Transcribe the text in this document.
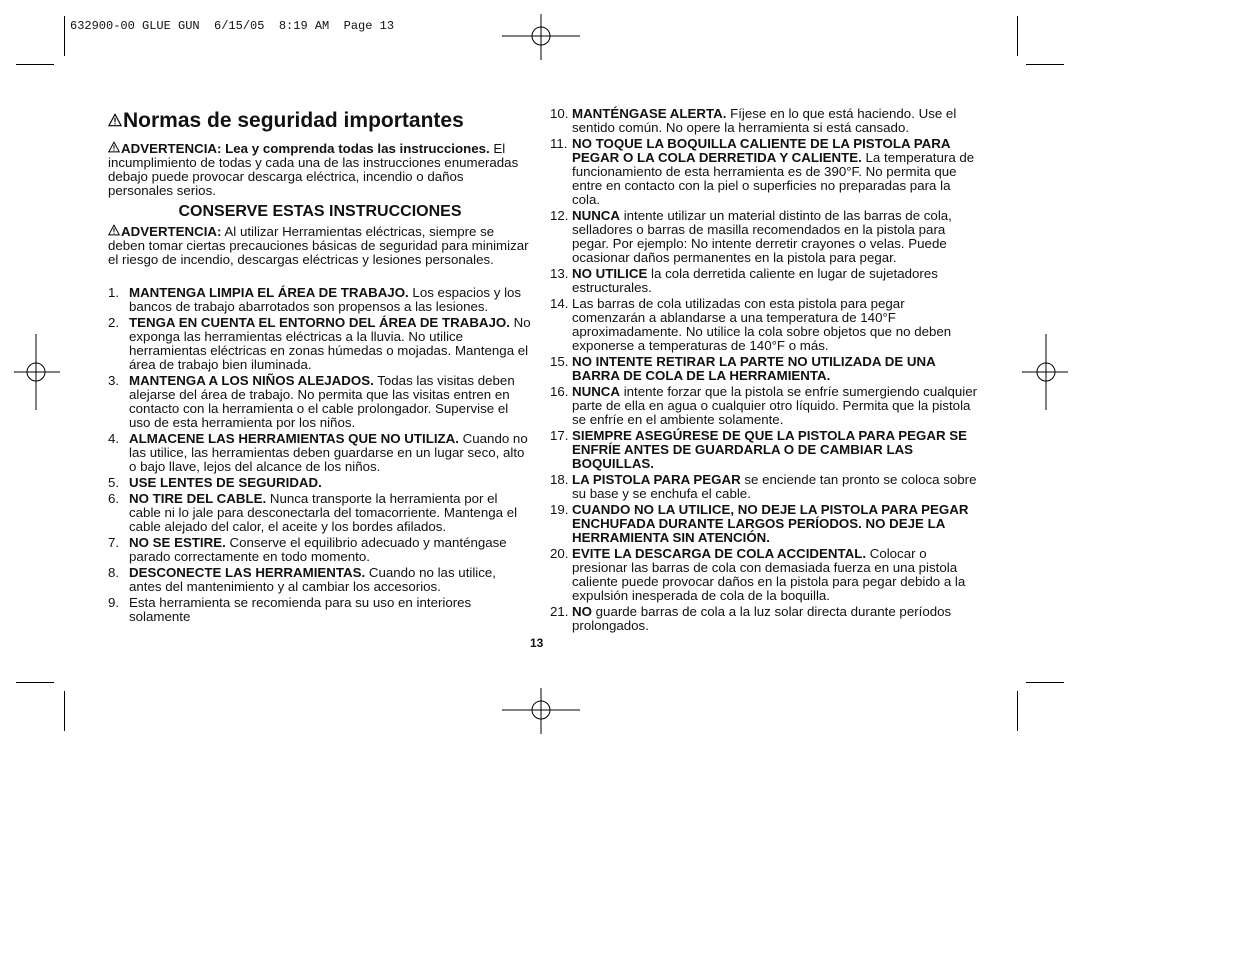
632900-00 GLUE GUN  6/15/05  8:19 AM  Page 13

Normas de seguridad importantes

ADVERTENCIA: Lea y comprenda todas las instrucciones. El incumplimiento de todas y cada una de las instrucciones enumeradas debajo puede provocar descarga eléctrica, incendio o daños personales serios.

CONSERVE ESTAS INSTRUCCIONES

ADVERTENCIA: Al utilizar Herramientas eléctricas, siempre se deben tomar ciertas precauciones básicas de seguridad para minimizar el riesgo de incendio, descargas eléctricas y lesiones personales.

1. MANTENGA LIMPIA EL ÁREA DE TRABAJO. Los espacios y los bancos de trabajo abarrotados son propensos a las lesiones.
2. TENGA EN CUENTA EL ENTORNO DEL ÁREA DE TRABAJO. No exponga las herramientas eléctricas a la lluvia. No utilice herramientas eléctricas en zonas húmedas o mojadas. Mantenga el área de trabajo bien iluminada.
3. MANTENGA A LOS NIÑOS ALEJADOS. Todas las visitas deben alejarse del área de trabajo. No permita que las visitas entren en contacto con la herramienta o el cable prolongador. Supervise el uso de esta herramienta por los niños.
4. ALMACENE LAS HERRAMIENTAS QUE NO UTILIZA. Cuando no las utilice, las herramientas deben guardarse en un lugar seco, alto o bajo llave, lejos del alcance de los niños.
5. USE LENTES DE SEGURIDAD.
6. NO TIRE DEL CABLE. Nunca transporte la herramienta por el cable ni lo jale para desconectarla del tomacorriente. Mantenga el cable alejado del calor, el aceite y los bordes afilados.
7. NO SE ESTIRE. Conserve el equilibrio adecuado y manténgase parado correctamente en todo momento.
8. DESCONECTE LAS HERRAMIENTAS. Cuando no las utilice, antes del mantenimiento y al cambiar los accesorios.
9. Esta herramienta se recomienda para su uso en interiores solamente
10. MANTÉNGASE ALERTA. Fíjese en lo que está haciendo. Use el sentido común. No opere la herramienta si está cansado.
11. NO TOQUE LA BOQUILLA CALIENTE DE LA PISTOLA PARA PEGAR O LA COLA DERRETIDA Y CALIENTE. La temperatura de funcionamiento de esta herramienta es de 390°F. No permita que entre en contacto con la piel o superficies no preparadas para la cola.
12. NUNCA intente utilizar un material distinto de las barras de cola, selladores o barras de masilla recomendados en la pistola para pegar. Por ejemplo: No intente derretir crayones o velas. Puede ocasionar daños permanentes en la pistola para pegar.
13. NO UTILICE la cola derretida caliente en lugar de sujetadores estructurales.
14. Las barras de cola utilizadas con esta pistola para pegar comenzarán a ablandarse a una temperatura de 140°F aproximadamente. No utilice la cola sobre objetos que no deben exponerse a temperaturas de 140°F o más.
15. NO INTENTE RETIRAR LA PARTE NO UTILIZADA DE UNA BARRA DE COLA DE LA HERRAMIENTA.
16. NUNCA intente forzar que la pistola se enfríe sumergiendo cualquier parte de ella en agua o cualquier otro líquido. Permita que la pistola se enfríe en el ambiente solamente.
17. SIEMPRE ASEGÚRESE DE QUE LA PISTOLA PARA PEGAR SE ENFRÍE ANTES DE GUARDARLA O DE CAMBIAR LAS BOQUILLAS.
18. LA PISTOLA PARA PEGAR se enciende tan pronto se coloca sobre su base y se enchufa el cable.
19. CUANDO NO LA UTILICE, NO DEJE LA PISTOLA PARA PEGAR ENCHUFADA DURANTE LARGOS PERÍODOS. NO DEJE LA HERRAMIENTA SIN ATENCIÓN.
20. EVITE LA DESCARGA DE COLA ACCIDENTAL. Colocar o presionar las barras de cola con demasiada fuerza en una pistola caliente puede provocar daños en la pistola para pegar debido a la expulsión inesperada de cola de la boquilla.
21. NO guarde barras de cola a la luz solar directa durante períodos prolongados.
13
